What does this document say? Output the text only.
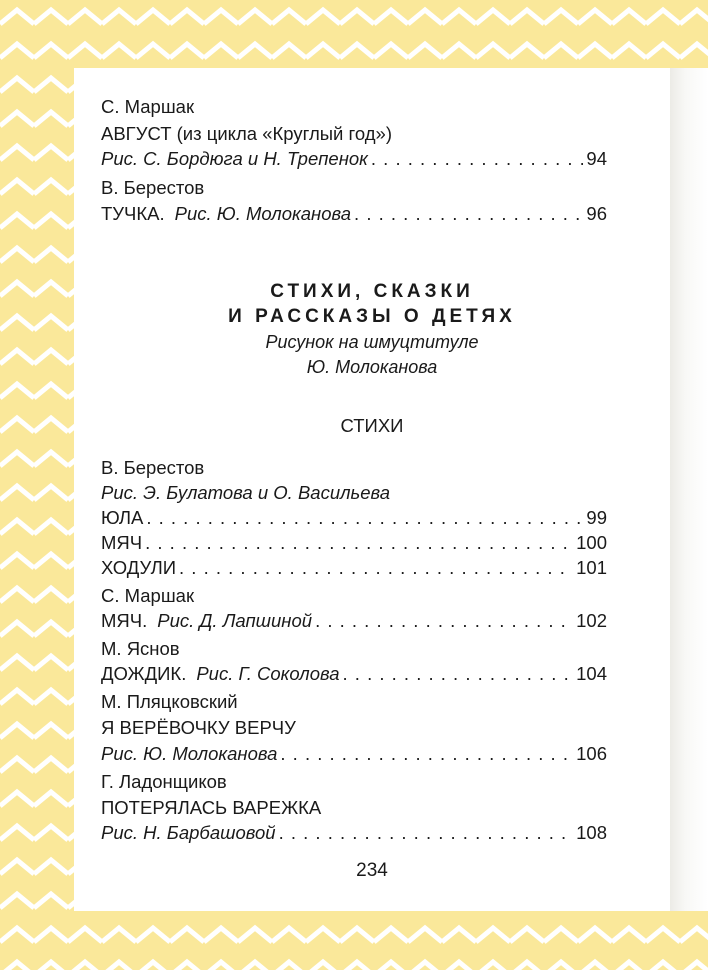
С. Маршак
АВГУСТ (из цикла «Круглый год»)
Рис. С. Бордюга и Н. Трепенок . . .	94
В. Берестов
ТУЧКА. Рис. Ю. Молоканова . . .	96
СТИХИ, СКАЗКИ
И РАССКАЗЫ О ДЕТЯХ
Рисунок на шмуцтитуле
Ю. Молоканова
СТИХИ
В. Берестов
Рис. Э. Булатова и О. Васильева
ЮЛА . . .	99
МЯЧ . . .	100
ХОДУЛИ . . .	101
С. Маршак
МЯЧ. Рис. Д. Лапшиной . . .	102
М. Яснов
ДОЖДИК. Рис. Г. Соколова . . .	104
М. Пляцковский
Я ВЕРЁВОЧКУ ВЕРЧУ
Рис. Ю. Молоканова . . .	106
Г. Ладонщиков
ПОТЕРЯЛАСЬ ВАРЕЖКА
Рис. Н. Барбашовой . . .	108
234
